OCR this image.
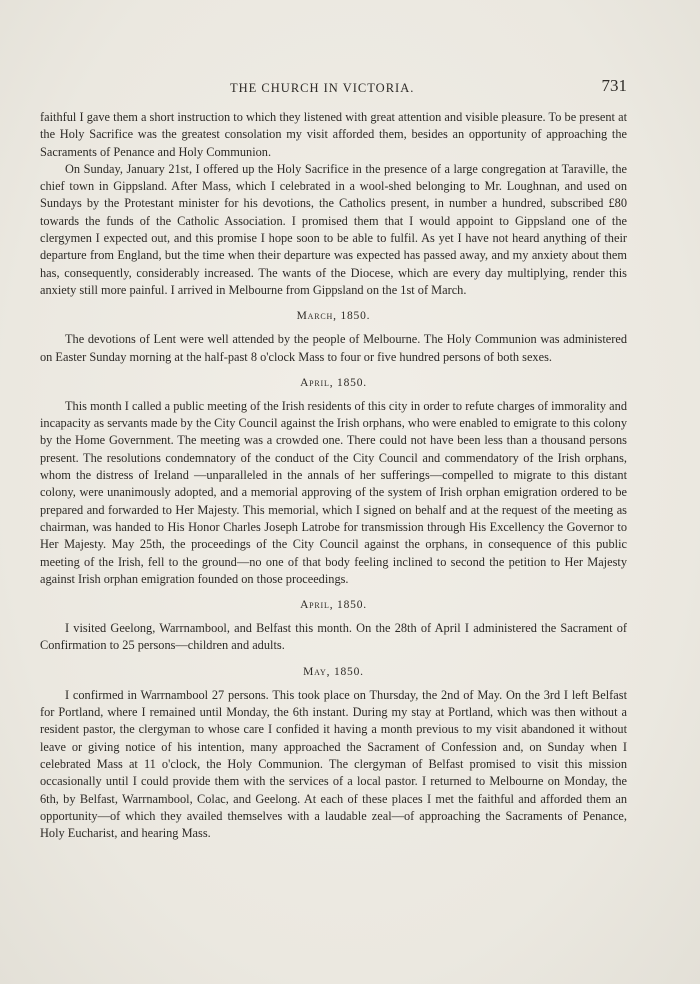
THE CHURCH IN VICTORIA.	731

faithful I gave them a short instruction to which they listened with great attention and visible pleasure. To be present at the Holy Sacrifice was the greatest consolation my visit afforded them, besides an opportunity of approaching the Sacraments of Penance and Holy Communion.

On Sunday, January 21st, I offered up the Holy Sacrifice in the presence of a large congregation at Taraville, the chief town in Gippsland. After Mass, which I celebrated in a wool-shed belonging to Mr. Loughnan, and used on Sundays by the Protestant minister for his devotions, the Catholics present, in number a hundred, subscribed £80 towards the funds of the Catholic Association. I promised them that I would appoint to Gippsland one of the clergymen I expected out, and this promise I hope soon to be able to fulfil. As yet I have not heard anything of their departure from England, but the time when their departure was expected has passed away, and my anxiety about them has, consequently, considerably increased. The wants of the Diocese, which are every day multiplying, render this anxiety still more painful. I arrived in Melbourne from Gippsland on the 1st of March.

March, 1850.

The devotions of Lent were well attended by the people of Melbourne. The Holy Communion was administered on Easter Sunday morning at the half-past 8 o'clock Mass to four or five hundred persons of both sexes.

April, 1850.

This month I called a public meeting of the Irish residents of this city in order to refute charges of immorality and incapacity as servants made by the City Council against the Irish orphans, who were enabled to emigrate to this colony by the Home Government. The meeting was a crowded one. There could not have been less than a thousand persons present. The resolutions condemnatory of the conduct of the City Council and commendatory of the Irish orphans, whom the distress of Ireland —unparalleled in the annals of her sufferings—compelled to migrate to this distant colony, were unanimously adopted, and a memorial approving of the system of Irish orphan emigration ordered to be prepared and forwarded to Her Majesty. This memorial, which I signed on behalf and at the request of the meeting as chairman, was handed to His Honor Charles Joseph Latrobe for transmission through His Excellency the Governor to Her Majesty. May 25th, the proceedings of the City Council against the orphans, in consequence of this public meeting of the Irish, fell to the ground—no one of that body feeling inclined to second the petition to Her Majesty against Irish orphan emigration founded on those proceedings.

April, 1850.

I visited Geelong, Warrnambool, and Belfast this month. On the 28th of April I administered the Sacrament of Confirmation to 25 persons—children and adults.

May, 1850.

I confirmed in Warrnambool 27 persons. This took place on Thursday, the 2nd of May. On the 3rd I left Belfast for Portland, where I remained until Monday, the 6th instant. During my stay at Portland, which was then without a resident pastor, the clergyman to whose care I confided it having a month previous to my visit abandoned it without leave or giving notice of his intention, many approached the Sacrament of Confession and, on Sunday when I celebrated Mass at 11 o'clock, the Holy Communion. The clergyman of Belfast promised to visit this mission occasionally until I could provide them with the services of a local pastor. I returned to Melbourne on Monday, the 6th, by Belfast, Warrnambool, Colac, and Geelong. At each of these places I met the faithful and afforded them an opportunity—of which they availed themselves with a laudable zeal—of approaching the Sacraments of Penance, Holy Eucharist, and hearing Mass.
